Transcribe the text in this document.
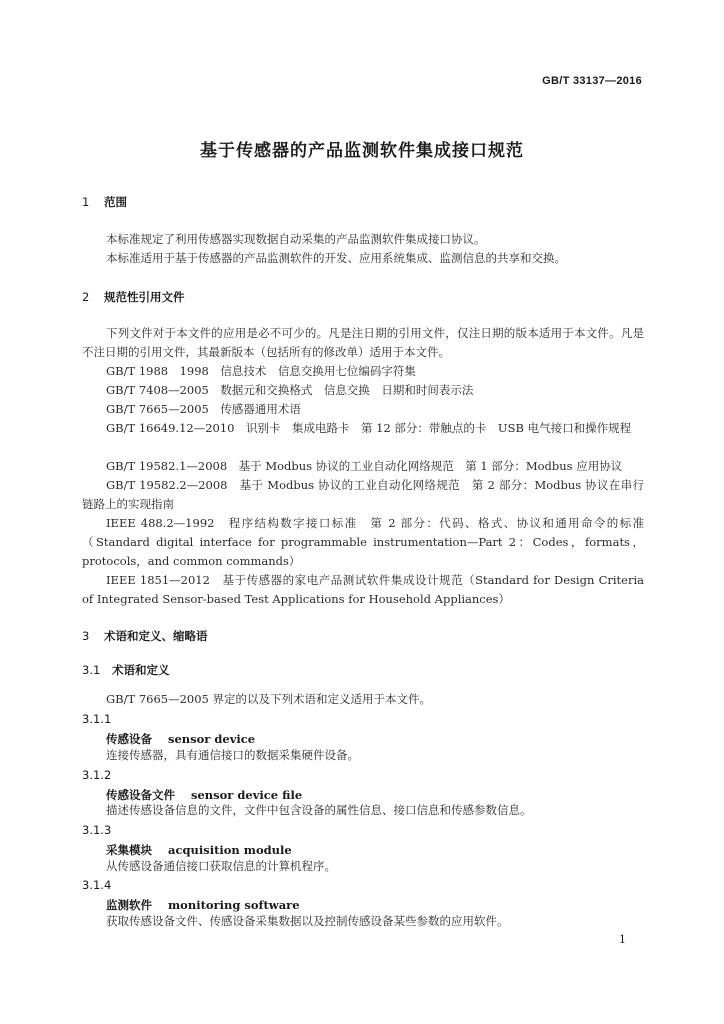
GB/T 33137—2016
基于传感器的产品监测软件集成接口规范
1 范围

本标准规定了利用传感器实现数据自动采集的产品监测软件集成接口协议。

本标准适用于基于传感器的产品监测软件的开发、应用系统集成、监测信息的共享和交换。

2 规范性引用文件

下列文件对于本文件的应用是必不可少的。凡是注日期的引用文件，仅注日期的版本适用于本文件。凡是不注日期的引用文件，其最新版本（包括所有的修改单）适用于本文件。

GB/T 1988　1998　信息技术　信息交换用七位编码字符集

GB/T 7408—2005　数据元和交换格式　信息交换　日期和时间表示法

GB/T 7665—2005　传感器通用术语

GB/T 16649.12—2010　识别卡　集成电路卡　第 12 部分：带触点的卡　USB 电气接口和操作规程

GB/T 19582.1—2008　基于 Modbus 协议的工业自动化网络规范　第 1 部分：Modbus 应用协议

GB/T 19582.2—2008　基于 Modbus 协议的工业自动化网络规范　第 2 部分：Modbus 协议在串行链路上的实现指南

IEEE 488.2—1992　程序结构数字接口标准　第 2 部分：代码、格式、协议和通用命令的标准（Standard digital interface for programmable instrumentation—Part 2：Codes，formats，protocols，and common commands）

IEEE 1851—2012　基于传感器的家电产品测试软件集成设计规范（Standard for Design Criteria of Integrated Sensor-based Test Applications for Household Appliances）

3 术语和定义、缩略语
3.1 术语和定义

GB/T 7665—2005 界定的以及下列术语和定义适用于本文件。

3.1.1
传感设备 sensor device

连接传感器，具有通信接口的数据采集硬件设备。

3.1.2
传感设备文件 sensor device file

描述传感设备信息的文件，文件中包含设备的属性信息、接口信息和传感参数信息。

3.1.3
采集模块 acquisition module

从传感设备通信接口获取信息的计算机程序。

3.1.4
监测软件 monitoring software

获取传感设备文件、传感设备采集数据以及控制传感设备某些参数的应用软件。

1
